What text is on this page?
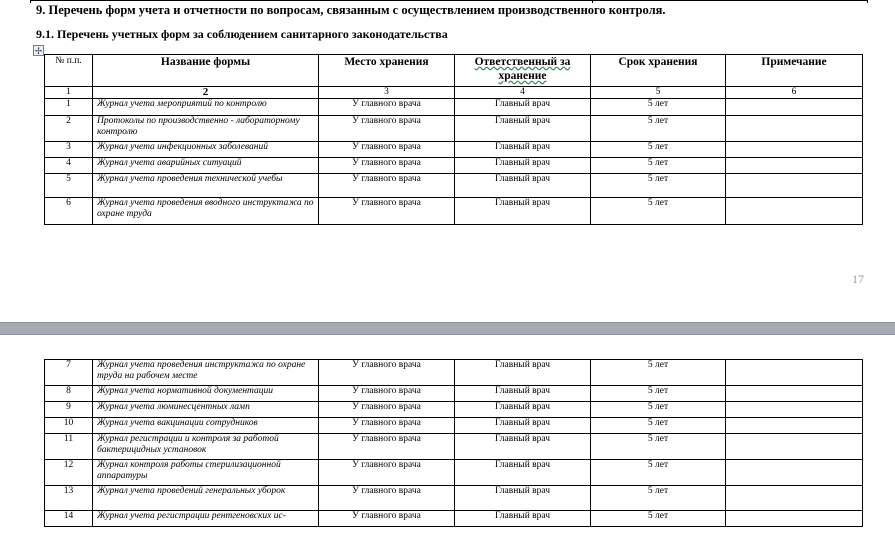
9. Перечень форм учета и отчетности по вопросам, связанным с осуществлением производственного контроля.
9.1. Перечень учетных форм за соблюдением санитарного законодательства
✢
№ п.п.	Название формы	Место хранения	Ответственный за хранение	Срок хранения	Примечание
1	2	3	4	5	6
1	Журнал учета мероприятий по контролю	У главного врача	Главный врач	5 лет	
2	Протоколы по производственно - лабораторному контролю	У главного врача	Главный врач	5 лет	
3	Журнал учета инфекционных заболеваний	У главного врача	Главный врач	5 лет	
4	Журнал учета аварийных ситуаций	У главного врача	Главный врач	5 лет	
5	Журнал учета проведения технической учебы	У главного врача	Главный врач	5 лет	
6	Журнал учета проведения вводного инструктажа по охране труда	У главного врача	Главный врач	5 лет	
17
7	Журнал учета проведения инструктажа по охране труда на рабочем месте	У главного врача	Главный врач	5 лет	
8	Журнал учета нормативной документации	У главного врача	Главный врач	5 лет	
9	Журнал учета люминесцентных ламп	У главного врача	Главный врач	5 лет	
10	Журнал учета вакцинации сотрудников	У главного врача	Главный врач	5 лет	
11	Журнал регистрации и контроля за работой бактерицидных установок	У главного врача	Главный врач	5 лет	
12	Журнал контроля работы стерилизационной аппаратуры	У главного врача	Главный врач	5 лет	
13	Журнал учета проведений генеральных уборок	У главного врача	Главный врач	5 лет	
14	Журнал учета регистрации рентгеновских ис-	У главного врача	Главный врач	5 лет	
